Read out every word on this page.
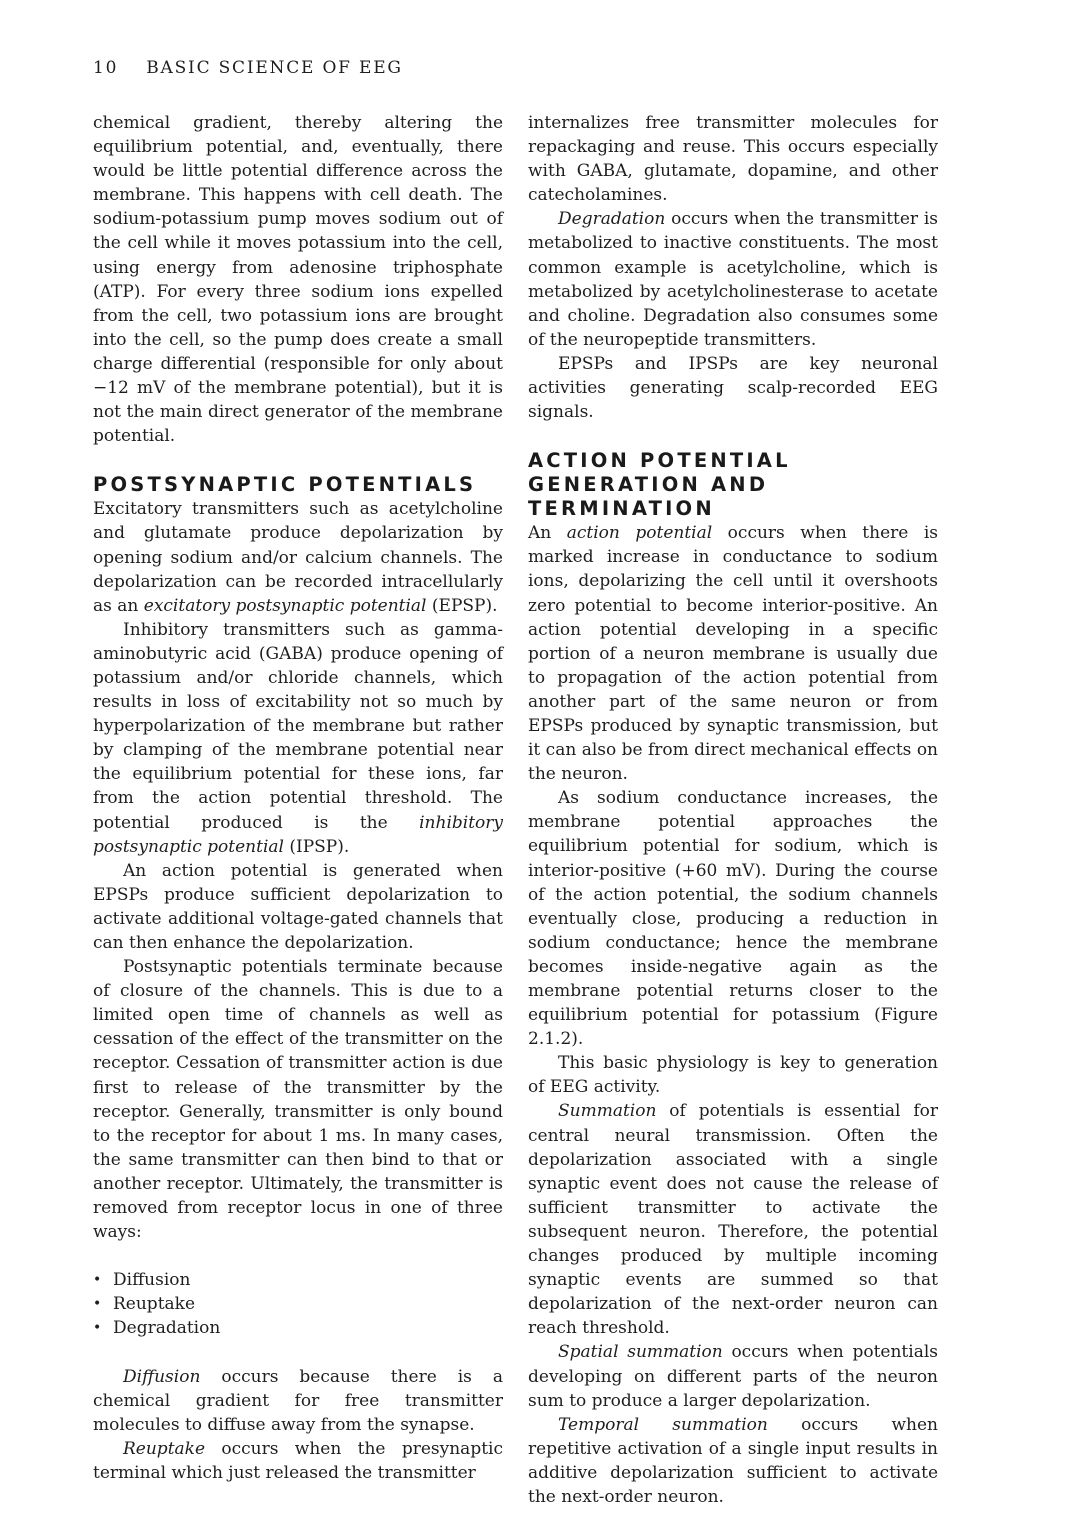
10 BASIC SCIENCE OF EEG

chemical gradient, thereby altering the equilibrium potential, and, eventually, there would be little potential difference across the membrane. This happens with cell death. The sodium-potassium pump moves sodium out of the cell while it moves potassium into the cell, using energy from adenosine triphosphate (ATP). For every three sodium ions expelled from the cell, two potassium ions are brought into the cell, so the pump does create a small charge differential (responsible for only about −12 mV of the membrane potential), but it is not the main direct generator of the membrane potential.

POSTSYNAPTIC POTENTIALS

Excitatory transmitters such as acetylcholine and glutamate produce depolarization by opening sodium and/or calcium channels. The depolarization can be recorded intracellularly as an excitatory postsynaptic potential (EPSP).

Inhibitory transmitters such as gamma-aminobutyric acid (GABA) produce opening of potassium and/or chloride channels, which results in loss of excitability not so much by hyperpolarization of the membrane but rather by clamping of the membrane potential near the equilibrium potential for these ions, far from the action potential threshold. The potential produced is the inhibitory postsynaptic potential (IPSP).

An action potential is generated when EPSPs produce sufficient depolarization to activate additional voltage-gated channels that can then enhance the depolarization.

Postsynaptic potentials terminate because of closure of the channels. This is due to a limited open time of channels as well as cessation of the effect of the transmitter on the receptor. Cessation of transmitter action is due first to release of the transmitter by the receptor. Generally, transmitter is only bound to the receptor for about 1 ms. In many cases, the same transmitter can then bind to that or another receptor. Ultimately, the transmitter is removed from receptor locus in one of three ways:

• Diffusion
• Reuptake
• Degradation

Diffusion occurs because there is a chemical gradient for free transmitter molecules to diffuse away from the synapse.

Reuptake occurs when the presynaptic terminal which just released the transmitter

internalizes free transmitter molecules for repackaging and reuse. This occurs especially with GABA, glutamate, dopamine, and other catecholamines.

Degradation occurs when the transmitter is metabolized to inactive constituents. The most common example is acetylcholine, which is metabolized by acetylcholinesterase to acetate and choline. Degradation also consumes some of the neuropeptide transmitters.

EPSPs and IPSPs are key neuronal activities generating scalp-recorded EEG signals.

ACTION POTENTIAL
GENERATION AND
TERMINATION

An action potential occurs when there is marked increase in conductance to sodium ions, depolarizing the cell until it overshoots zero potential to become interior-positive. An action potential developing in a specific portion of a neuron membrane is usually due to propagation of the action potential from another part of the same neuron or from EPSPs produced by synaptic transmission, but it can also be from direct mechanical effects on the neuron.

As sodium conductance increases, the membrane potential approaches the equilibrium potential for sodium, which is interior-positive (+60 mV). During the course of the action potential, the sodium channels eventually close, producing a reduction in sodium conductance; hence the membrane becomes inside-negative again as the membrane potential returns closer to the equilibrium potential for potassium (Figure 2.1.2).

This basic physiology is key to generation of EEG activity.

Summation of potentials is essential for central neural transmission. Often the depolarization associated with a single synaptic event does not cause the release of sufficient transmitter to activate the subsequent neuron. Therefore, the potential changes produced by multiple incoming synaptic events are summed so that depolarization of the next-order neuron can reach threshold.

Spatial summation occurs when potentials developing on different parts of the neuron sum to produce a larger depolarization.

Temporal summation occurs when repetitive activation of a single input results in additive depolarization sufficient to activate the next-order neuron.
